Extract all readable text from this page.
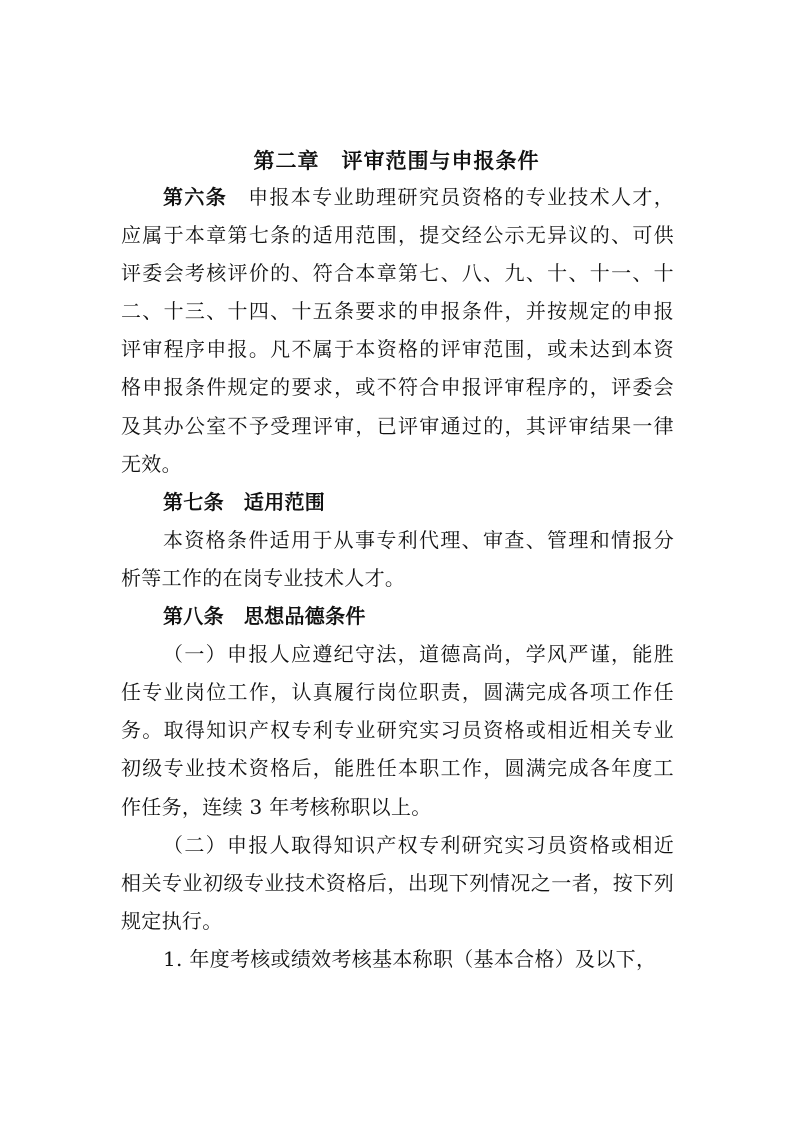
第二章 评审范围与申报条件
第六条 申报本专业助理研究员资格的专业技术人才，
应属于本章第七条的适用范围，提交经公示无异议的、可供
评委会考核评价的、符合本章第七、八、九、十、十一、十
二、十三、十四、十五条要求的申报条件，并按规定的申报
评审程序申报。凡不属于本资格的评审范围，或未达到本资
格申报条件规定的要求，或不符合申报评审程序的，评委会
及其办公室不予受理评审，已评审通过的，其评审结果一律
无效。
第七条 适用范围
本资格条件适用于从事专利代理、审查、管理和情报分
析等工作的在岗专业技术人才。
第八条 思想品德条件
（一）申报人应遵纪守法，道德高尚，学风严谨，能胜
任专业岗位工作，认真履行岗位职责，圆满完成各项工作任
务。取得知识产权专利专业研究实习员资格或相近相关专业
初级专业技术资格后，能胜任本职工作，圆满完成各年度工
作任务，连续 3 年考核称职以上。
（二）申报人取得知识产权专利研究实习员资格或相近
相关专业初级专业技术资格后，出现下列情况之一者，按下列
规定执行。
1. 年度考核或绩效考核基本称职（基本合格）及以下，
